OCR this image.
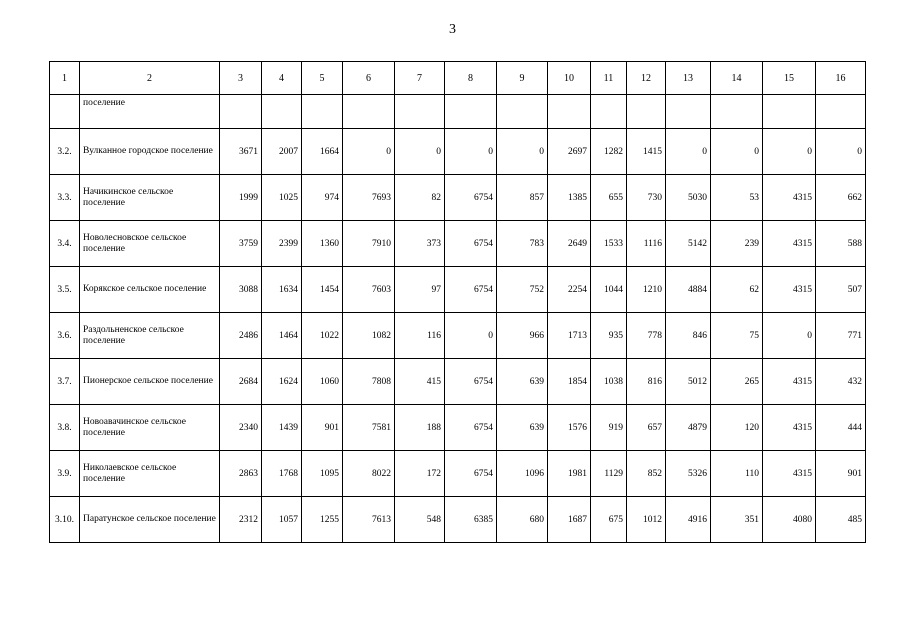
3
1	2	3	4	5	6	7	8	9	10	11	12	13	14	15	16
	поселение														
3.2.	Вулканное городское поселение	3671	2007	1664	0	0	0	0	2697	1282	1415	0	0	0	0
3.3.	Начикинское сельское поселение	1999	1025	974	7693	82	6754	857	1385	655	730	5030	53	4315	662
3.4.	Новолесновское сельское поселение	3759	2399	1360	7910	373	6754	783	2649	1533	1116	5142	239	4315	588
3.5.	Корякское сельское поселение	3088	1634	1454	7603	97	6754	752	2254	1044	1210	4884	62	4315	507
3.6.	Раздольненское сельское поселение	2486	1464	1022	1082	116	0	966	1713	935	778	846	75	0	771
3.7.	Пионерское сельское поселение	2684	1624	1060	7808	415	6754	639	1854	1038	816	5012	265	4315	432
3.8.	Новоавачинское сельское поселение	2340	1439	901	7581	188	6754	639	1576	919	657	4879	120	4315	444
3.9.	Николаевское сельское поселение	2863	1768	1095	8022	172	6754	1096	1981	1129	852	5326	110	4315	901
3.10.	Паратунское сельское поселение	2312	1057	1255	7613	548	6385	680	1687	675	1012	4916	351	4080	485
